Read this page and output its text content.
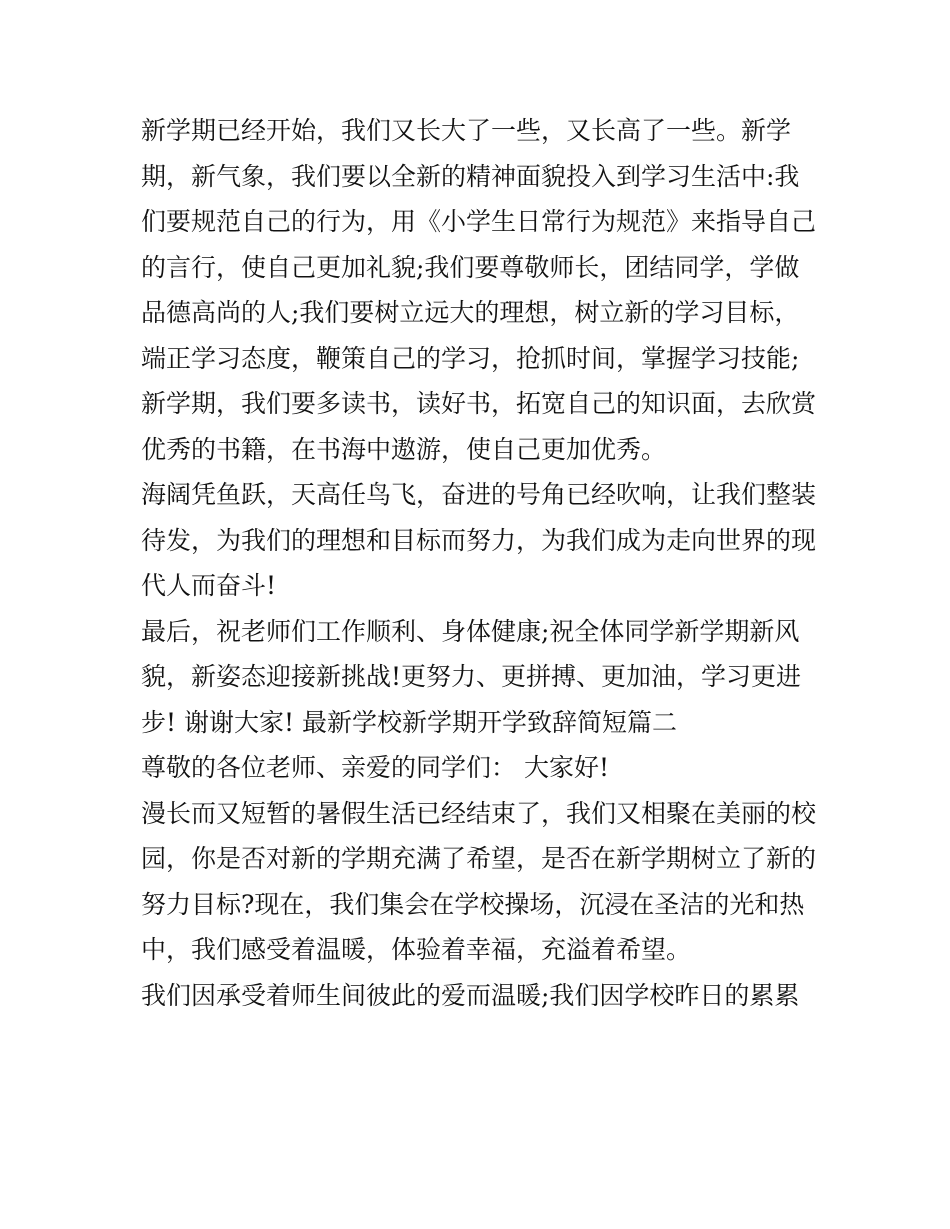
新学期已经开始，我们又长大了一些，又长高了一些。新学
期，新气象，我们要以全新的精神面貌投入到学习生活中:我
们要规范自己的行为，用《小学生日常行为规范》来指导自己
的言行，使自己更加礼貌;我们要尊敬师长，团结同学，学做
品德高尚的人;我们要树立远大的理想，树立新的学习目标，
端正学习态度，鞭策自己的学习，抢抓时间，掌握学习技能;
新学期，我们要多读书，读好书，拓宽自己的知识面，去欣赏
优秀的书籍，在书海中遨游，使自己更加优秀。
海阔凭鱼跃，天高任鸟飞，奋进的号角已经吹响，让我们整装
待发，为我们的理想和目标而努力，为我们成为走向世界的现
代人而奋斗!
最后，祝老师们工作顺利、身体健康;祝全体同学新学期新风
貌，新姿态迎接新挑战!更努力、更拼搏、更加油，学习更进
步! 谢谢大家! 最新学校新学期开学致辞简短篇二
尊敬的各位老师、亲爱的同学们： 大家好!
漫长而又短暂的暑假生活已经结束了，我们又相聚在美丽的校
园，你是否对新的学期充满了希望，是否在新学期树立了新的
努力目标?现在，我们集会在学校操场，沉浸在圣洁的光和热
中，我们感受着温暖，体验着幸福，充溢着希望。
我们因承受着师生间彼此的爱而温暖;我们因学校昨日的累累
